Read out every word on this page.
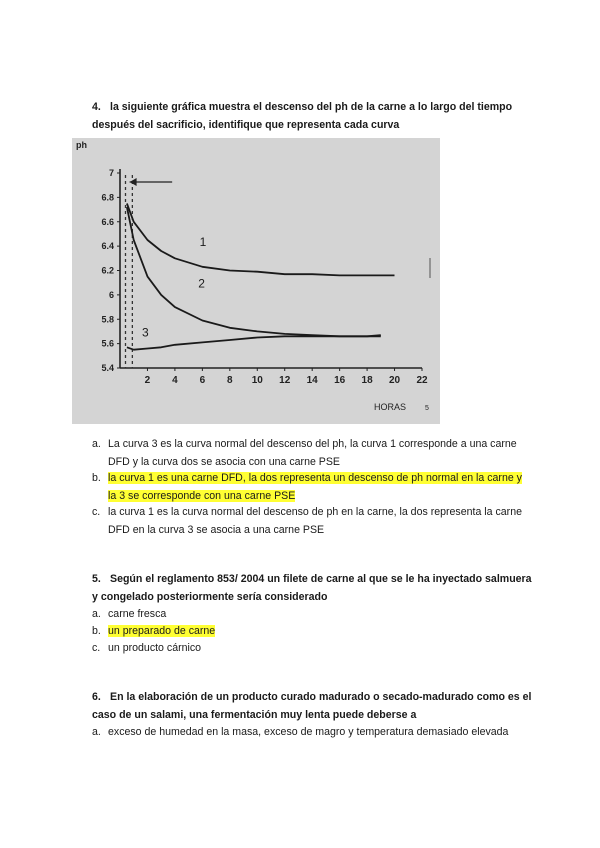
4. la siguiente gráfica muestra el descenso del ph de la carne a lo largo del tiempo después del sacrificio, identifique que representa cada curva
ph
7
6.8
6.6
6.4
6.2
6
5.8
5.6
5.4
2 4 6 8 10 12 14 16 18 20 22
HORAS	5
1
2
3
a. La curva 3 es la curva normal del descenso del ph, la curva 1 corresponde a una carne DFD y la curva dos se asocia con una carne PSE
b. la curva 1 es una carne DFD, la dos representa un descenso de ph normal en la carne y la 3 se corresponde con una carne PSE
c. la curva 1 es la curva normal del descenso de ph en la carne, la dos representa la carne DFD en la curva 3 se asocia a una carne PSE
5. Según el reglamento 853/ 2004 un filete de carne al que se le ha inyectado salmuera y congelado posteriormente sería considerado
a. carne fresca
b. un preparado de carne
c. un producto cárnico
6. En la elaboración de un producto curado madurado o secado-madurado como es el caso de un salami, una fermentación muy lenta puede deberse a
a. exceso de humedad en la masa, exceso de magro y temperatura demasiado elevada
